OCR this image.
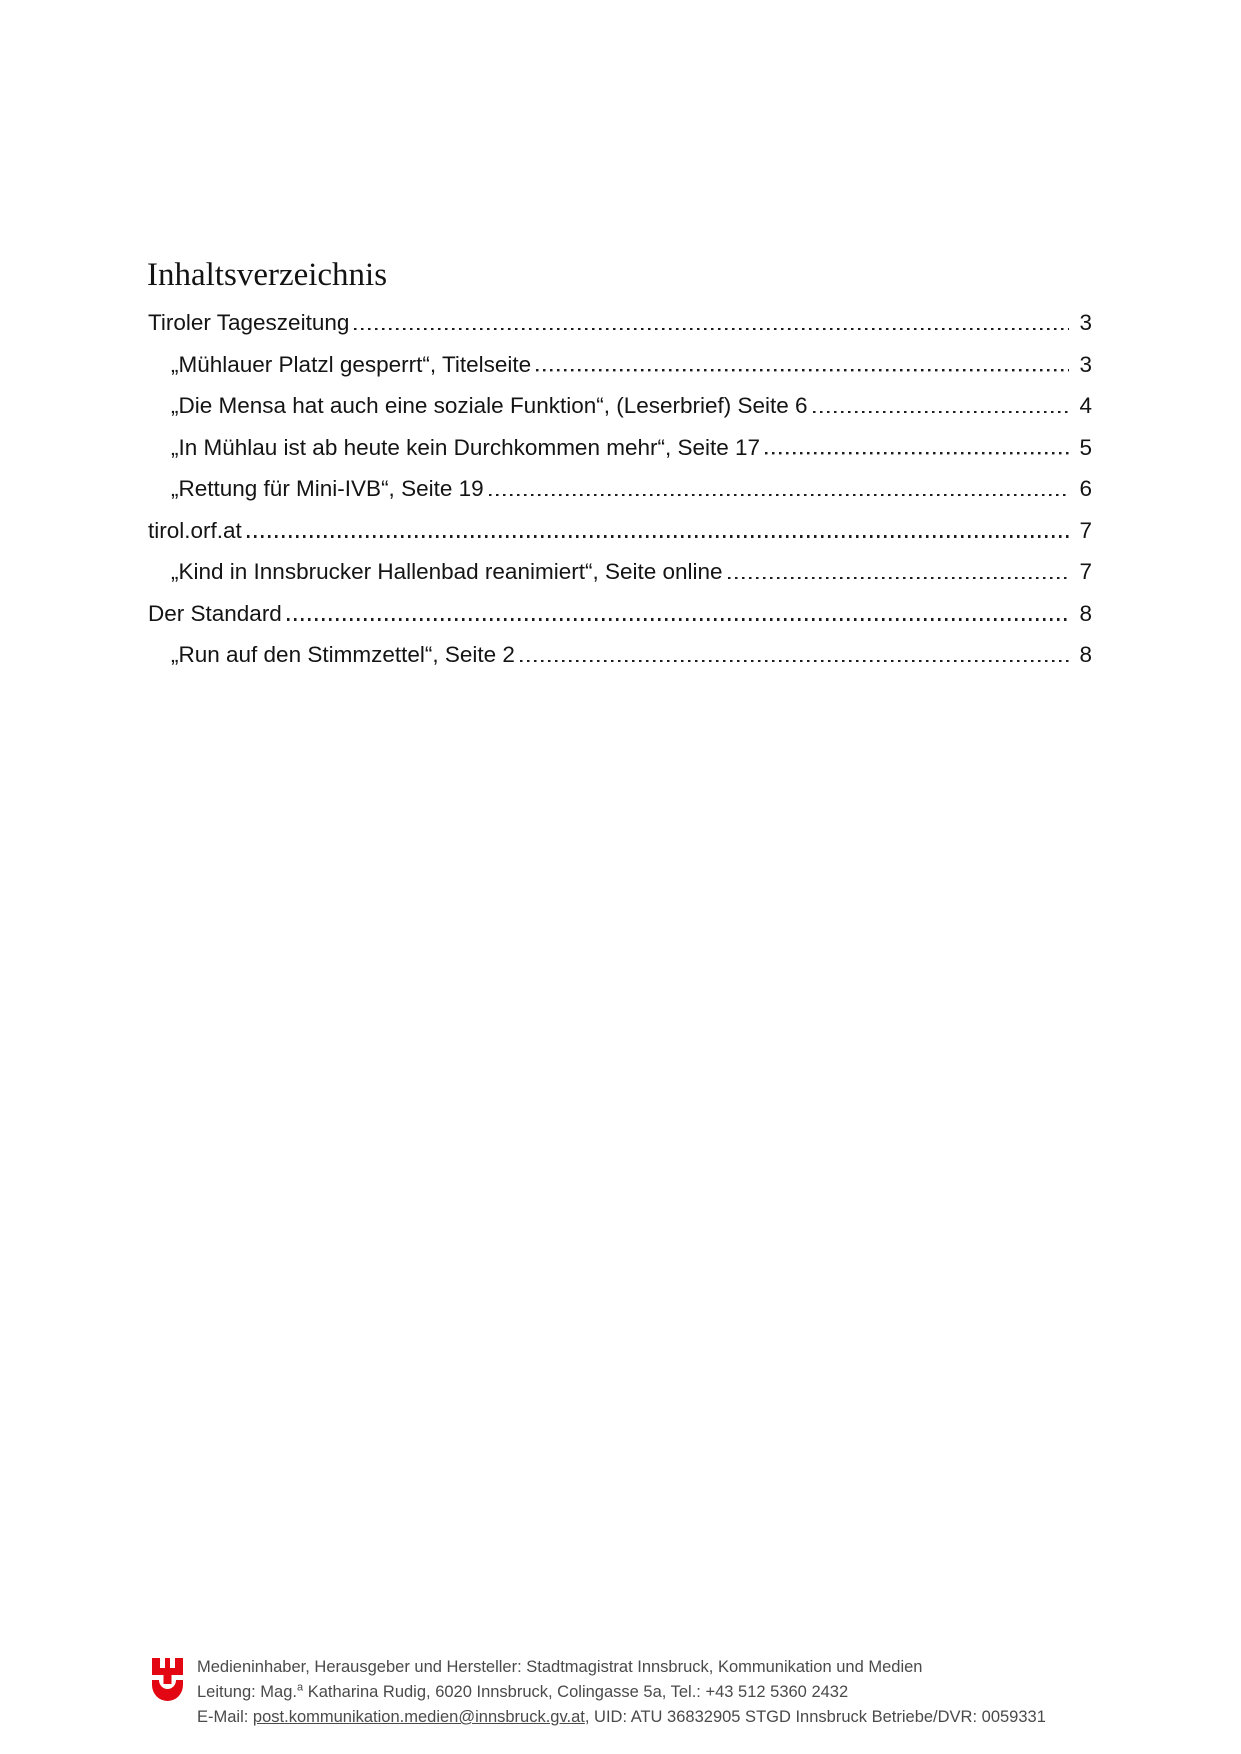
Inhaltsverzeichnis
Tiroler Tageszeitung	3
„Mühlauer Platzl gesperrt“, Titelseite	3
„Die Mensa hat auch eine soziale Funktion“, (Leserbrief) Seite 6	4
„In Mühlau ist ab heute kein Durchkommen mehr“, Seite 17	5
„Rettung für Mini-IVB“, Seite 19	6
tirol.orf.at	7
„Kind in Innsbrucker Hallenbad reanimiert“, Seite online	7
Der Standard	8
„Run auf den Stimmzettel“, Seite 2	8
Medieninhaber, Herausgeber und Hersteller: Stadtmagistrat Innsbruck, Kommunikation und Medien
Leitung: Mag.$^a$ Katharina Rudig, 6020 Innsbruck, Colingasse 5a, Tel.: +43 512 5360 2432
E-Mail: post.kommunikation.medien@innsbruck.gv.at, UID: ATU 36832905 STGD Innsbruck Betriebe/DVR: 0059331
